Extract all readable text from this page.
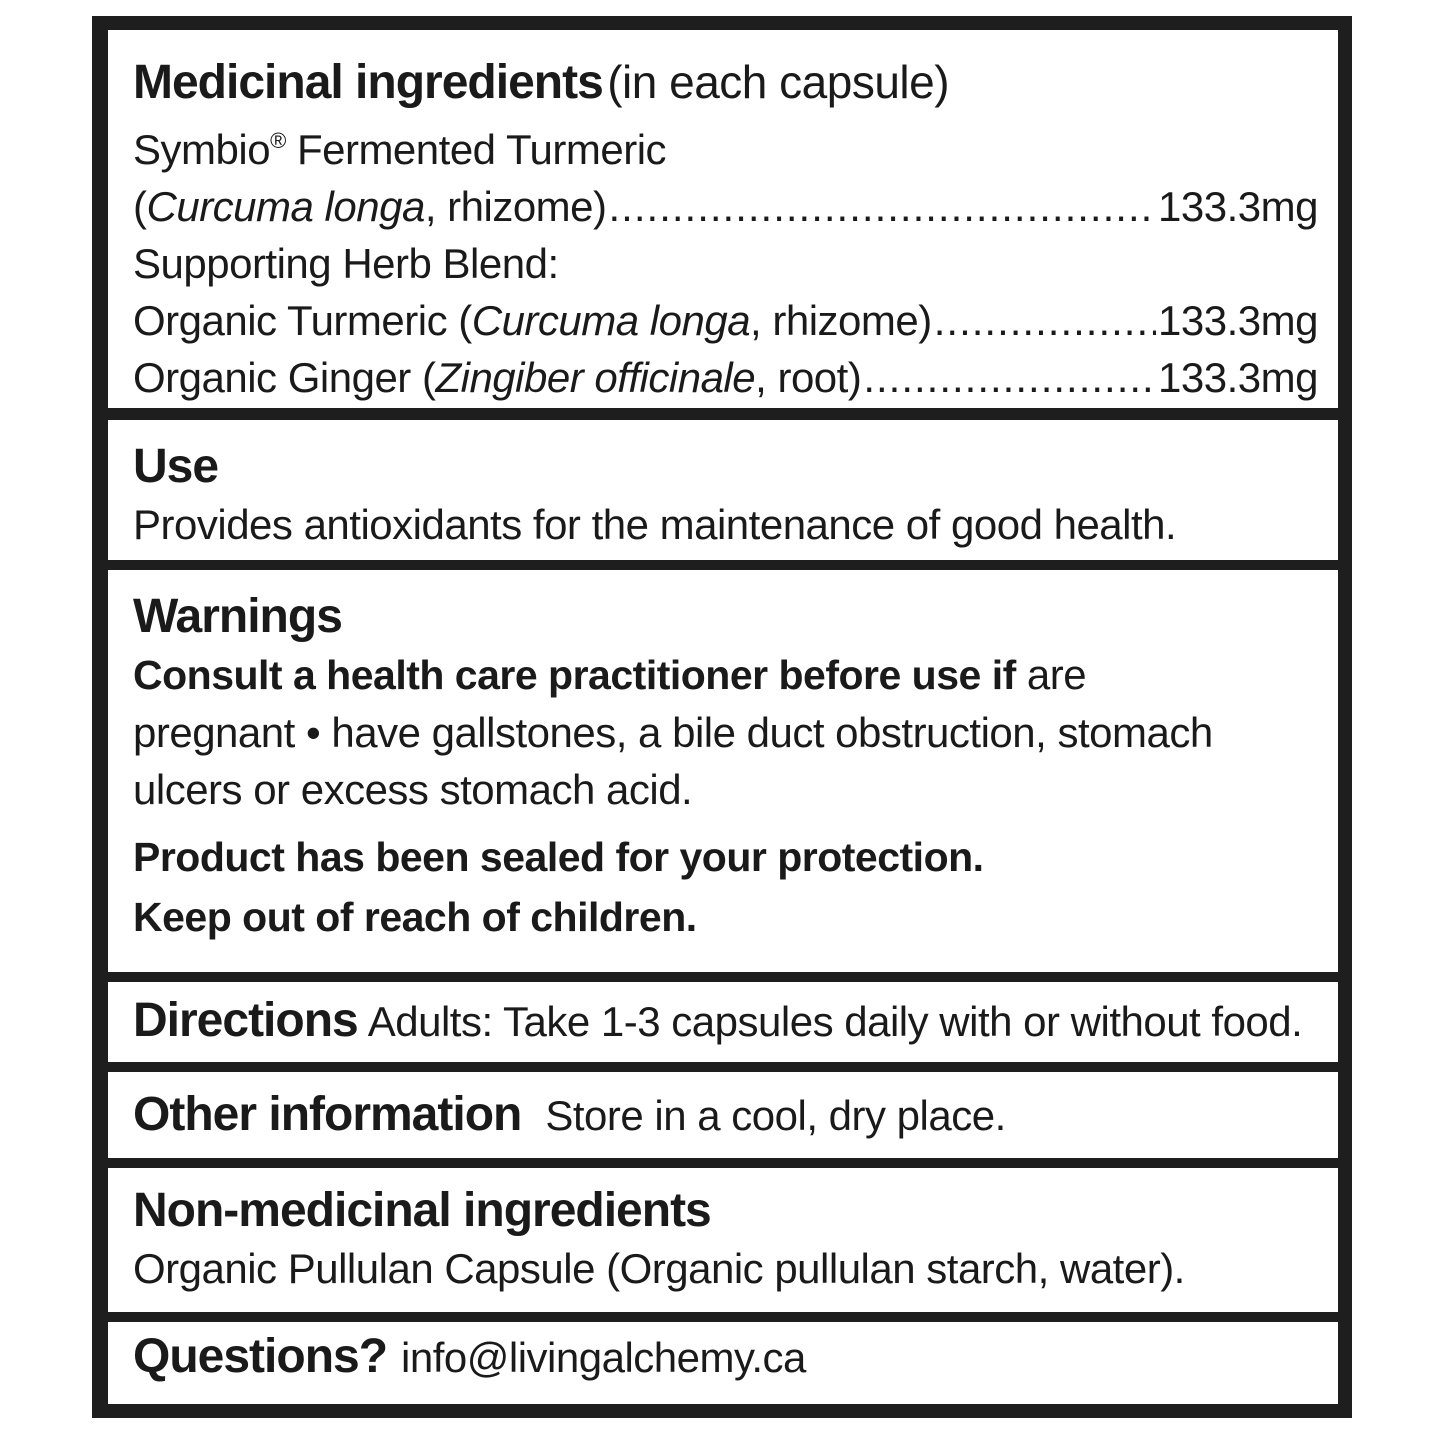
Medicinal ingredients (in each capsule)
Symbio® Fermented Turmeric
(Curcuma longa, rhizome) .....	133.3mg
Supporting Herb Blend:
Organic Turmeric (Curcuma longa, rhizome) .....	133.3mg
Organic Ginger (Zingiber officinale, root) .....	133.3mg
Use
Provides antioxidants for the maintenance of good health.
Warnings
Consult a health care practitioner before use if are
pregnant • have gallstones, a bile duct obstruction, stomach
ulcers or excess stomach acid.
Product has been sealed for your protection.
Keep out of reach of children.
Directions Adults: Take 1-3 capsules daily with or without food.
Other information Store in a cool, dry place.
Non-medicinal ingredients
Organic Pullulan Capsule (Organic pullulan starch, water).
Questions? info@livingalchemy.ca
